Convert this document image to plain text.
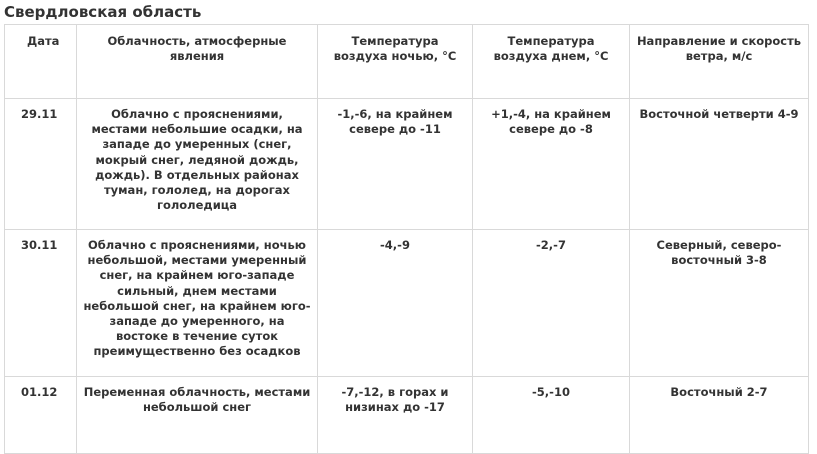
Свердловская область
Дата	Облачность, атмосферные явления	Температура воздуха ночью, °С	Температура воздуха днем, °С	Направление и скорость ветра, м/с
29.11	Облачно с прояснениями, местами небольшие осадки, на западе до умеренных (снег, мокрый снег, ледяной дождь, дождь). В отдельных районах туман, гололед, на дорогах гололедица	-1,-6, на крайнем севере до -11	+1,-4, на крайнем севере до -8	Восточной четверти 4-9
30.11	Облачно с прояснениями, ночью небольшой, местами умеренный снег, на крайнем юго-западе сильный, днем местами небольшой снег, на крайнем юго-западе до умеренного, на востоке в течение суток преимущественно без осадков	-4,-9	-2,-7	Северный, северо-восточный 3-8
01.12	Переменная облачность, местами небольшой снег	-7,-12, в горах и низинах до -17	-5,-10	Восточный 2-7
